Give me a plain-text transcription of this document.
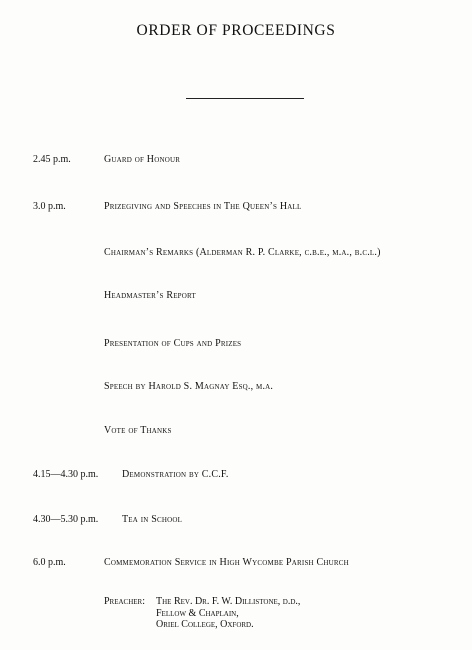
ORDER OF PROCEEDINGS
2.45 p.m.	Guard of Honour
3.0 p.m.	Prizegiving and Speeches in The Queen’s Hall
Chairman’s Remarks (Alderman R. P. Clarke, c.b.e., m.a., b.c.l.)
Headmaster’s Report
Presentation of Cups and Prizes
Speech by Harold S. Magnay Esq., m.a.
Vote of Thanks
4.15—4.30 p.m. Demonstration by C.C.F.
4.30—5.30 p.m. Tea in School
6.0 p.m.	Commemoration Service in High Wycombe Parish Church
Preacher: The Rev. Dr. F. W. Dillistone, d.d.,
Fellow & Chaplain,
Oriel College, Oxford.
